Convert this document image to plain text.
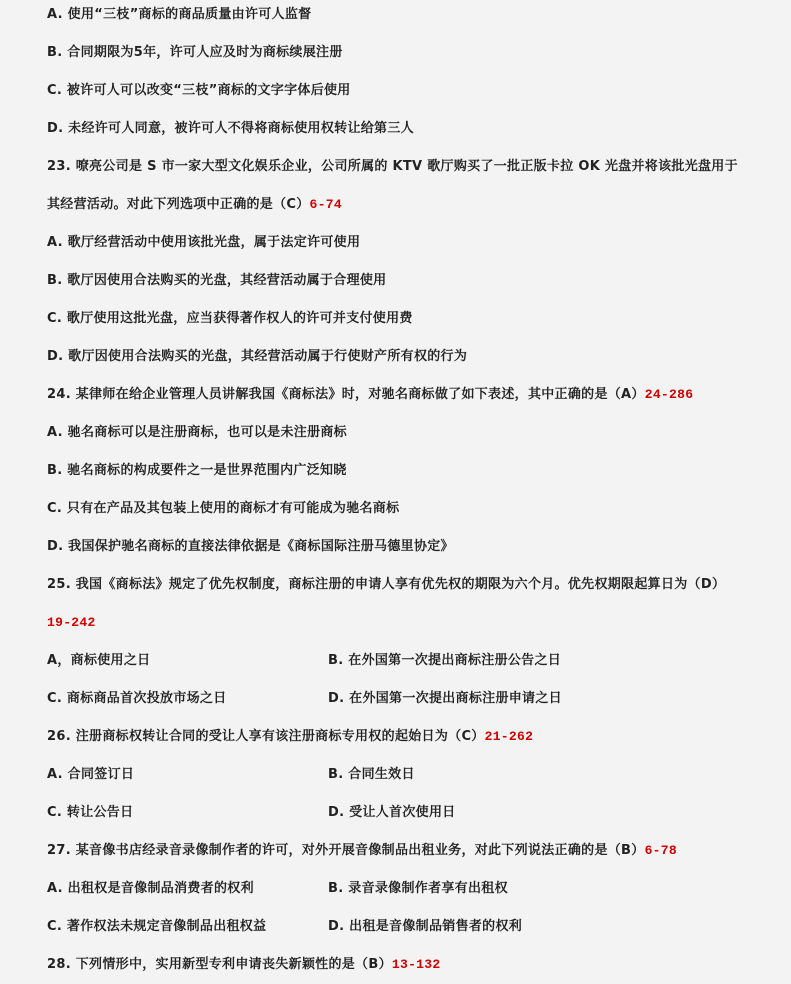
A. 使用“三枝”商标的商品质量由许可人监督
B. 合同期限为5年，许可人应及时为商标续展注册
C. 被许可人可以改变“三枝”商标的文字字体后使用
D. 未经许可人同意，被许可人不得将商标使用权转让给第三人
23. 嘹亮公司是 S 市一家大型文化娱乐企业，公司所属的 KTV 歌厅购买了一批正版卡拉 OK 光盘并将该批光盘用于
其经营活动。对此下列选项中正确的是（C）6-74
A. 歌厅经营活动中使用该批光盘，属于法定许可使用
B. 歌厅因使用合法购买的光盘，其经营活动属于合理使用
C. 歌厅使用这批光盘，应当获得著作权人的许可并支付使用费
D. 歌厅因使用合法购买的光盘，其经营活动属于行使财产所有权的行为
24. 某律师在给企业管理人员讲解我国《商标法》时，对驰名商标做了如下表述，其中正确的是（A）24-286
A. 驰名商标可以是注册商标，也可以是未注册商标
B. 驰名商标的构成要件之一是世界范围内广泛知晓
C. 只有在产品及其包装上使用的商标才有可能成为驰名商标
D. 我国保护驰名商标的直接法律依据是《商标国际注册马德里协定》
25. 我国《商标法》规定了优先权制度，商标注册的申请人享有优先权的期限为六个月。优先权期限起算日为（D）
19-242
A，商标使用之日	B. 在外国第一次提出商标注册公告之日
C. 商标商品首次投放市场之日	D. 在外国第一次提出商标注册申请之日
26. 注册商标权转让合同的受让人享有该注册商标专用权的起始日为（C）21-262
A. 合同签订日	B. 合同生效日
C. 转让公告日	D. 受让人首次使用日
27. 某音像书店经录音录像制作者的许可，对外开展音像制品出租业务，对此下列说法正确的是（B）6-78
A. 出租权是音像制品消费者的权利	B. 录音录像制作者享有出租权
C. 著作权法未规定音像制品出租权益	D. 出租是音像制品销售者的权利
28. 下列情形中，实用新型专利申请丧失新颖性的是（B）13-132
